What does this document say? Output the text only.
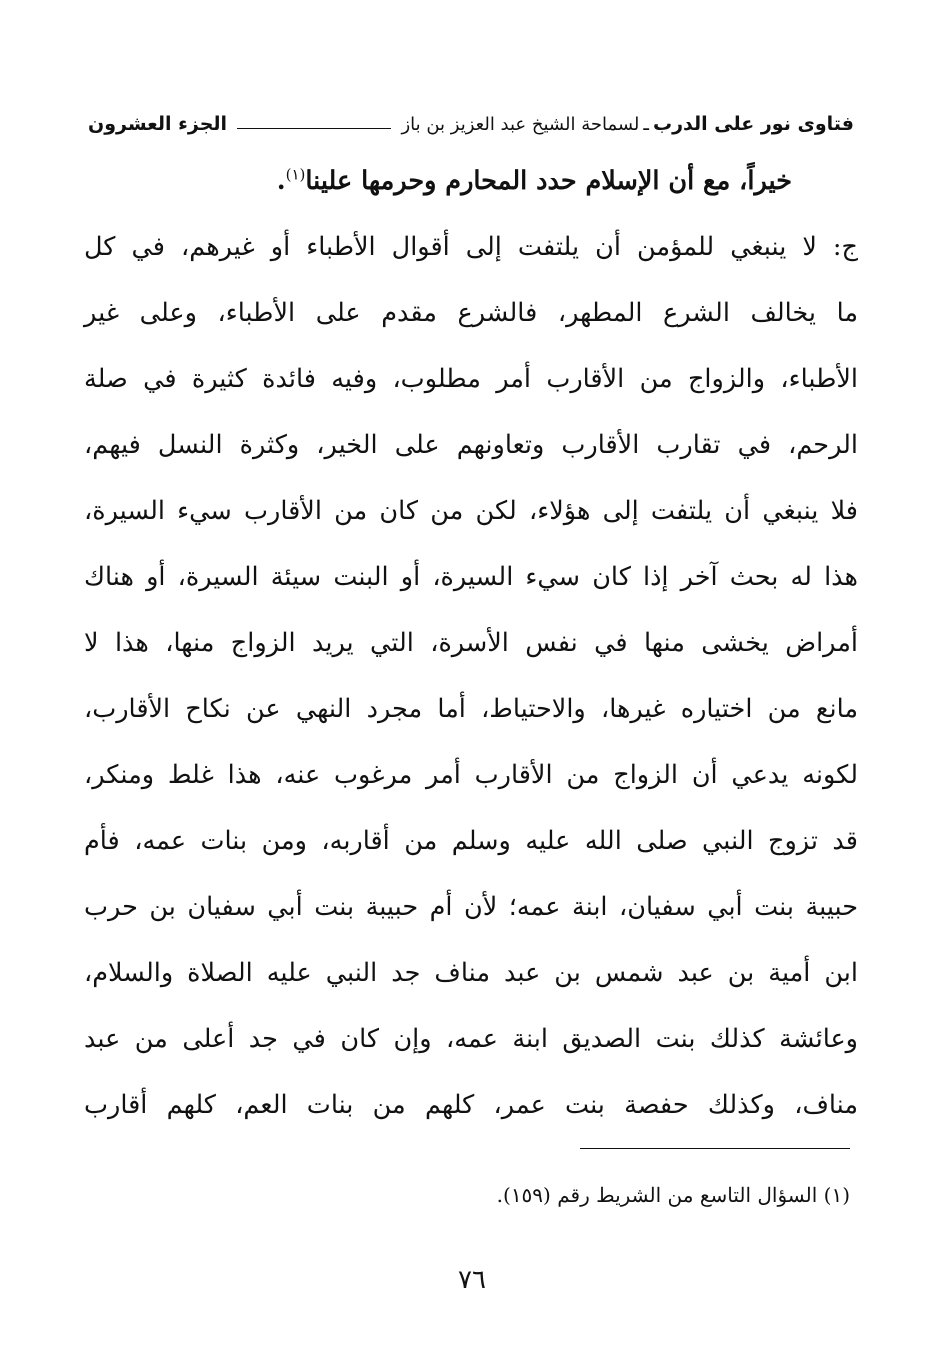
فتاوى نور على الدرب
ـ
لسماحة الشيخ عبد العزيز بن باز
الجزء العشرون
خيراً، مع أن الإسلام حدد المحارم وحرمها علينا$^{(١)}$.
ج: لا ينبغي للمؤمن أن يلتفت إلى أقوال الأطباء أو غيرهم، في كل
ما يخالف الشرع المطهر، فالشرع مقدم على الأطباء، وعلى غير
الأطباء، والزواج من الأقارب أمر مطلوب، وفيه فائدة كثيرة في صلة
الرحم، في تقارب الأقارب وتعاونهم على الخير، وكثرة النسل فيهم،
فلا ينبغي أن يلتفت إلى هؤلاء، لكن من كان من الأقارب سيء السيرة،
هذا له بحث آخر إذا كان سيء السيرة، أو البنت سيئة السيرة، أو هناك
أمراض يخشى منها في نفس الأسرة، التي يريد الزواج منها، هذا لا
مانع من اختياره غيرها، والاحتياط، أما مجرد النهي عن نكاح الأقارب،
لكونه يدعي أن الزواج من الأقارب أمر مرغوب عنه، هذا غلط ومنكر،
قد تزوج النبي صلى الله عليه وسلم من أقاربه، ومن بنات عمه، فأم
حبيبة بنت أبي سفيان، ابنة عمه؛ لأن أم حبيبة بنت أبي سفيان بن حرب
ابن أمية بن عبد شمس بن عبد مناف جد النبي عليه الصلاة والسلام،
وعائشة كذلك بنت الصديق ابنة عمه، وإن كان في جد أعلى من عبد
مناف، وكذلك حفصة بنت عمر، كلهم من بنات العم، كلهم أقارب
(١) السؤال التاسع من الشريط رقم (١٥٩).
٧٦
